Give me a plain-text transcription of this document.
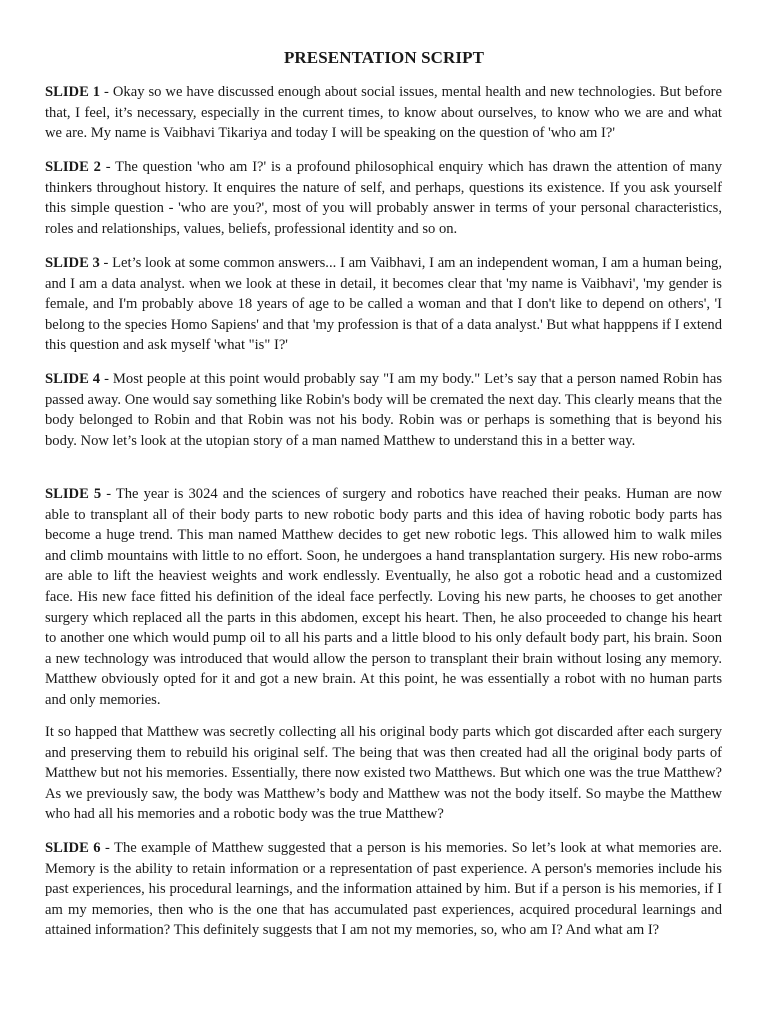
PRESENTATION SCRIPT

SLIDE 1 - Okay so we have discussed enough about social issues, mental health and new technologies. But before that, I feel, it’s necessary, especially in the current times, to know about ourselves, to know who we are and what we are. My name is Vaibhavi Tikariya and today I will be speaking on the question of 'who am I?'

SLIDE 2 - The question 'who am I?' is a profound philosophical enquiry which has drawn the attention of many thinkers throughout history. It enquires the nature of self, and perhaps, questions its existence. If you ask yourself this simple question - 'who are you?', most of you will probably answer in terms of your personal characteristics, roles and relationships, values, beliefs, professional identity and so on.

SLIDE 3 - Let’s look at some common answers... I am Vaibhavi, I am an independent woman, I am a human being, and I am a data analyst. when we look at these in detail, it becomes clear that 'my name is Vaibhavi', 'my gender is female, and I'm probably above 18 years of age to be called a woman and that I don't like to depend on others', 'I belong to the species Homo Sapiens' and that 'my profession is that of a data analyst.' But what happpens if I extend this question and ask myself 'what "is" I?'

SLIDE 4 - Most people at this point would probably say "I am my body." Let’s say that a person named Robin has passed away. One would say something like Robin's body will be cremated the next day. This clearly means that the body belonged to Robin and that Robin was not his body. Robin was or perhaps is something that is beyond his body. Now let’s look at the utopian story of a man named Matthew to understand this in a better way.

SLIDE 5 - The year is 3024 and the sciences of surgery and robotics have reached their peaks. Human are now able to transplant all of their body parts to new robotic body parts and this idea of having robotic body parts has become a huge trend. This man named Matthew decides to get new robotic legs. This allowed him to walk miles and climb mountains with little to no effort. Soon, he undergoes a hand transplantation surgery. His new robo-arms are able to lift the heaviest weights and work endlessly. Eventually, he also got a robotic head and a customized face. His new face fitted his definition of the ideal face perfectly. Loving his new parts, he chooses to get another surgery which replaced all the parts in this abdomen, except his heart. Then, he also proceeded to change his heart to another one which would pump oil to all his parts and a little blood to his only default body part, his brain. Soon a new technology was introduced that would allow the person to transplant their brain without losing any memory. Matthew obviously opted for it and got a new brain. At this point, he was essentially a robot with no human parts and only memories.

It so happed that Matthew was secretly collecting all his original body parts which got discarded after each surgery and preserving them to rebuild his original self. The being that was then created had all the original body parts of Matthew but not his memories. Essentially, there now existed two Matthews. But which one was the true Matthew? As we previously saw, the body was Matthew’s body and Matthew was not the body itself. So maybe the Matthew who had all his memories and a robotic body was the true Matthew?

SLIDE 6 - The example of Matthew suggested that a person is his memories. So let’s look at what memories are. Memory is the ability to retain information or a representation of past experience. A person's memories include his past experiences, his procedural learnings, and the information attained by him. But if a person is his memories, if I am my memories, then who is the one that has accumulated past experiences, acquired procedural learnings and attained information? This definitely suggests that I am not my memories, so, who am I? And what am I?
